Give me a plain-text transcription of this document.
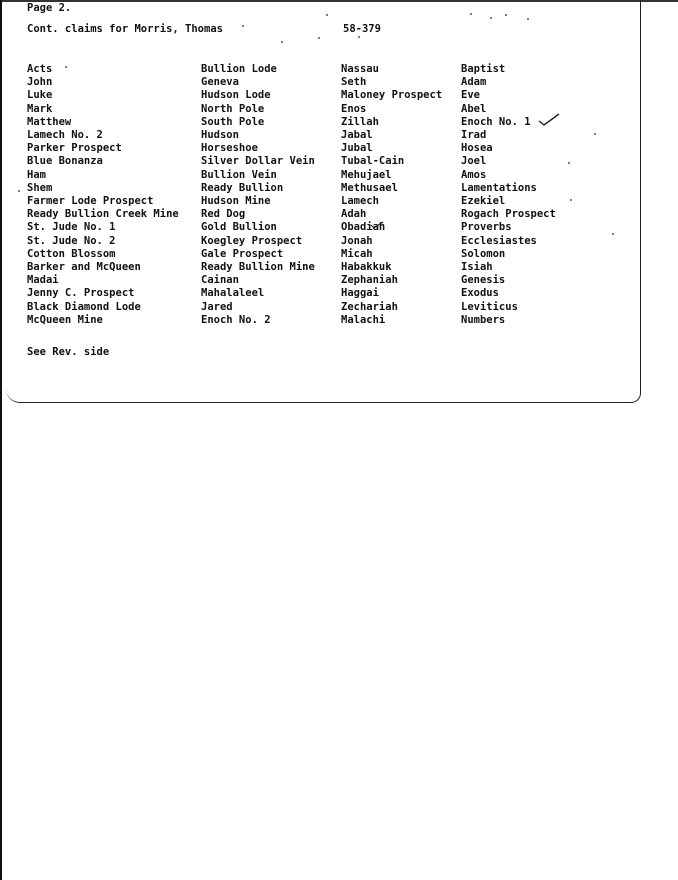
Page 2.
Cont. claims for Morris, Thomas	58-379
Acts
John
Luke
Mark
Matthew
Lamech No. 2
Parker Prospect
Blue Bonanza
Ham
Shem
Farmer Lode Prospect
Ready Bullion Creek Mine
St. Jude No. 1
St. Jude No. 2
Cotton Blossom
Barker and McQueen
Madai
Jenny C. Prospect
Black Diamond Lode
McQueen Mine
Bullion Lode
Geneva
Hudson Lode
North Pole
South Pole
Hudson
Horseshoe
Silver Dollar Vein
Bullion Vein
Ready Bullion
Hudson Mine
Red Dog
Gold Bullion
Koegley Prospect
Gale Prospect
Ready Bullion Mine
Cainan
Mahalaleel
Jared
Enoch No. 2
Nassau
Seth
Maloney Prospect
Enos
Zillah
Jabal
Jubal
Tubal-Cain
Mehujael
Methusael
Lamech
Adah
Obadiah
Jonah
Micah
Habakkuk
Zephaniah
Haggai
Zechariah
Malachi
Baptist
Adam
Eve
Abel
Enoch No. 1
Irad
Hosea
Joel
Amos
Lamentations
Ezekiel
Rogach Prospect
Proverbs
Ecclesiastes
Solomon
Isiah
Genesis
Exodus
Leviticus
Numbers
See Rev. side
